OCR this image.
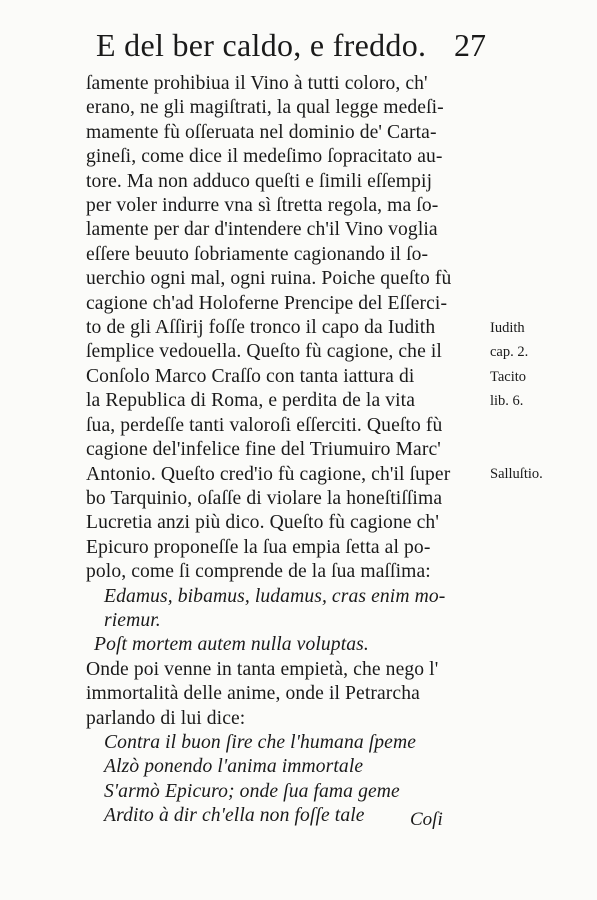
E del ber caldo, e freddo. 27
ſamente prohibiua il Vino à tutti coloro, ch'
erano, ne gli magiſtrati, la qual legge medeſi-
mamente fù oſſeruata nel dominio de' Carta-
gineſi, come dice il medeſimo ſopracitato au-
tore. Ma non adduco queſti e ſimili eſſempij
per voler indurre vna sì ſtretta regola, ma ſo-
lamente per dar d'intendere ch'il Vino voglia
eſſere beuuto ſobriamente cagionando il ſo-
uerchio ogni mal, ogni ruina. Poiche queſto fù
cagione ch'ad Holoferne Prencipe del Eſſerci-
to de gli Aſſirij foſſe tronco il capo da Iudith
ſemplice vedouella. Queſto fù cagione, che il
Conſolo Marco Craſſo con tanta iattura di
la Republica di Roma, e perdita de la vita
ſua, perdeſſe tanti valoroſi eſſerciti. Queſto fù
cagione del'infelice fine del Triumuiro Marc'
Antonio. Queſto cred'io fù cagione, ch'il ſuper
bo Tarquinio, oſaſſe di violare la honeſtiſſima
Lucretia anzi più dico. Queſto fù cagione ch'
Epicuro proponeſſe la ſua empia ſetta al po-
polo, come ſi comprende de la ſua maſſima:
Edamus, bibamus, ludamus, cras enim mo-
riemur.
Poſt mortem autem nulla voluptas.
Onde poi venne in tanta empietà, che nego l'
immortalità delle anime, onde il Petrarcha
parlando di lui dice:
Contra il buon ſire che l'humana ſpeme
Alzò ponendo l'anima immortale
S'armò Epicuro; onde ſua fama geme
Ardito à dir ch'ella non foſſe tale
Iudith
cap. 2.
Tacito
lib. 6.
Salluſtio.
Coſi
